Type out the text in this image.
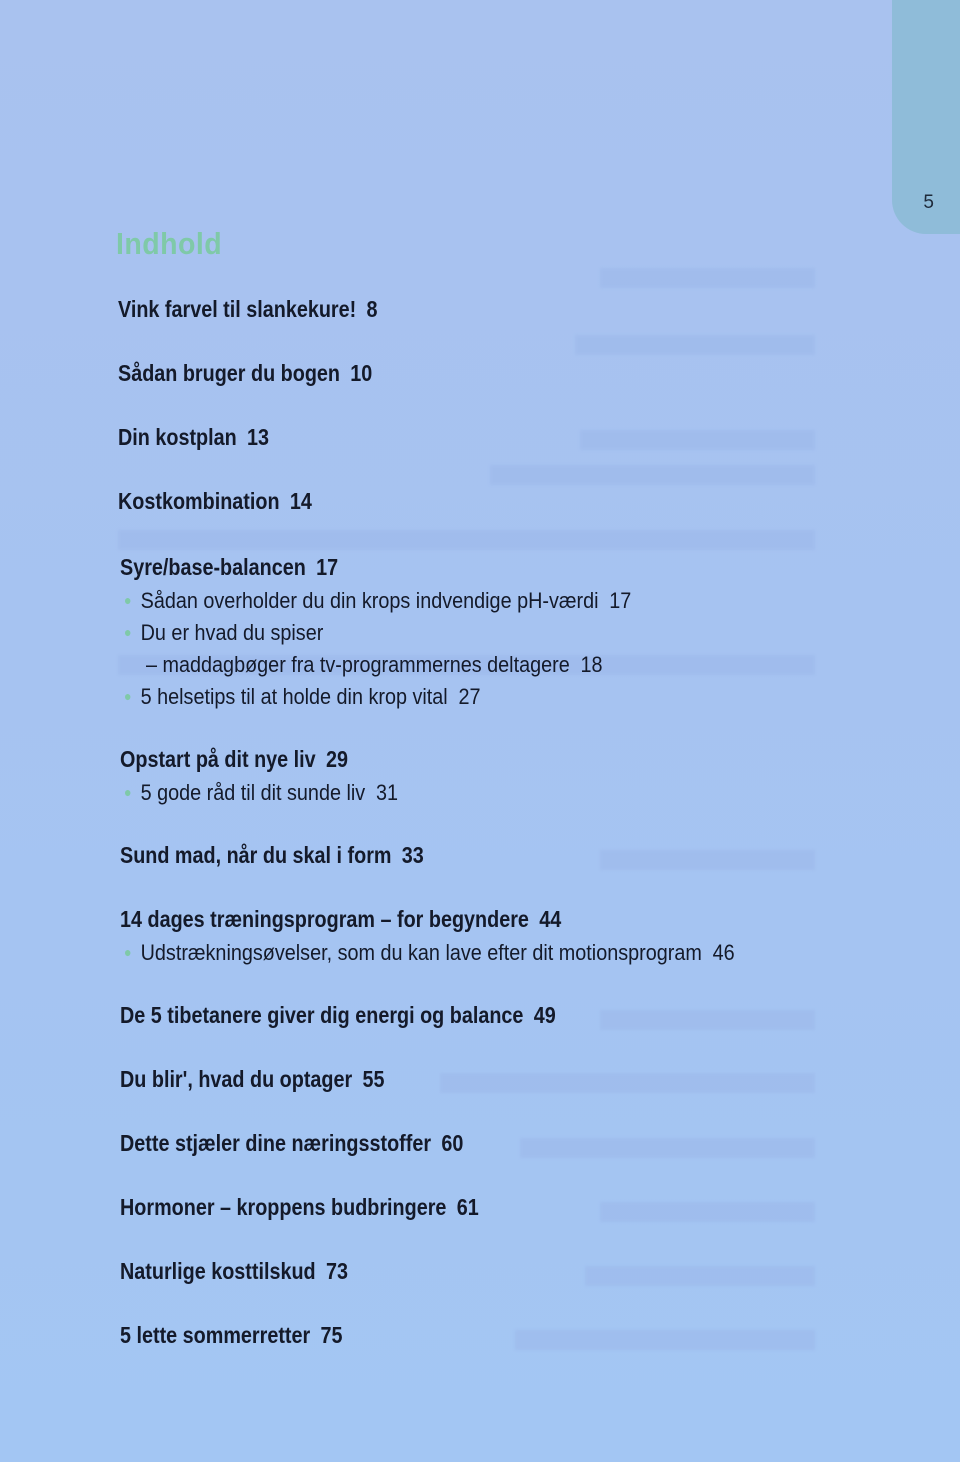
5
Indhold
Vink farvel til slankekure! 8
Sådan bruger du bogen 10
Din kostplan 13
Kostkombination 14
Syre/base-balancen 17
● Sådan overholder du din krops indvendige pH-værdi 17
● Du er hvad du spiser
– maddagbøger fra tv-programmernes deltagere 18
● 5 helsetips til at holde din krop vital 27
Opstart på dit nye liv 29
● 5 gode råd til dit sunde liv 31
Sund mad, når du skal i form 33
14 dages træningsprogram – for begyndere 44
● Udstrækningsøvelser, som du kan lave efter dit motionsprogram 46
De 5 tibetanere giver dig energi og balance 49
Du blir', hvad du optager 55
Dette stjæler dine næringsstoffer 60
Hormoner – kroppens budbringere 61
Naturlige kosttilskud 73
5 lette sommerretter 75
